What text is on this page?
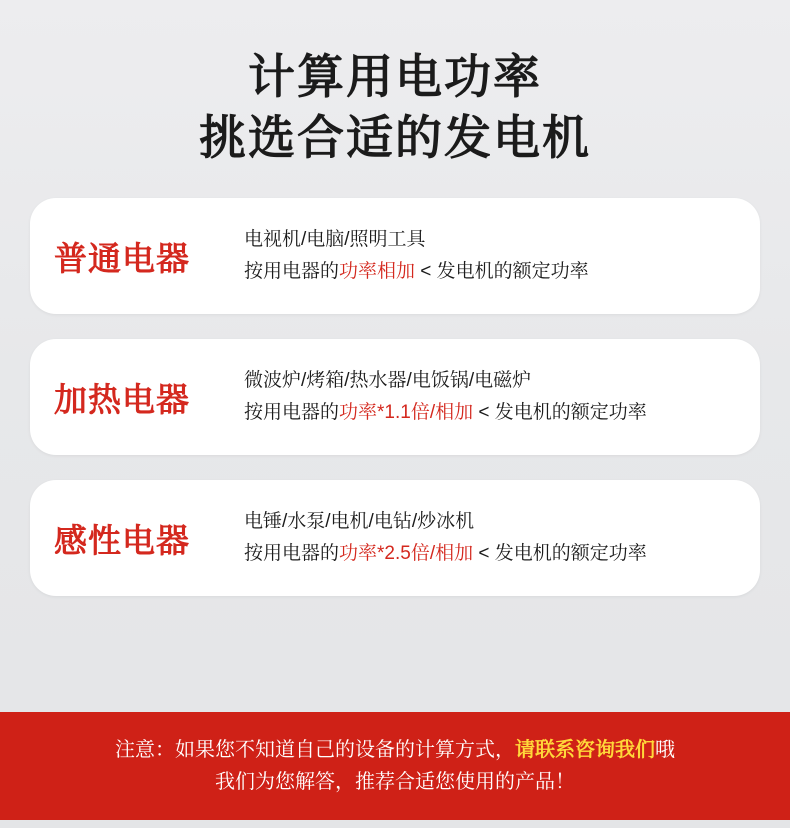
计算用电功率
挑选合适的发电机
普通电器
电视机/电脑/照明工具
按用电器的功率相加 < 发电机的额定功率
加热电器
微波炉/烤箱/热水器/电饭锅/电磁炉
按用电器的功率*1.1倍/相加 < 发电机的额定功率
感性电器
电锤/水泵/电机/电钻/炒冰机
按用电器的功率*2.5倍/相加 < 发电机的额定功率
注意：如果您不知道自己的设备的计算方式，请联系咨询我们哦
我们为您解答，推荐合适您使用的产品！
